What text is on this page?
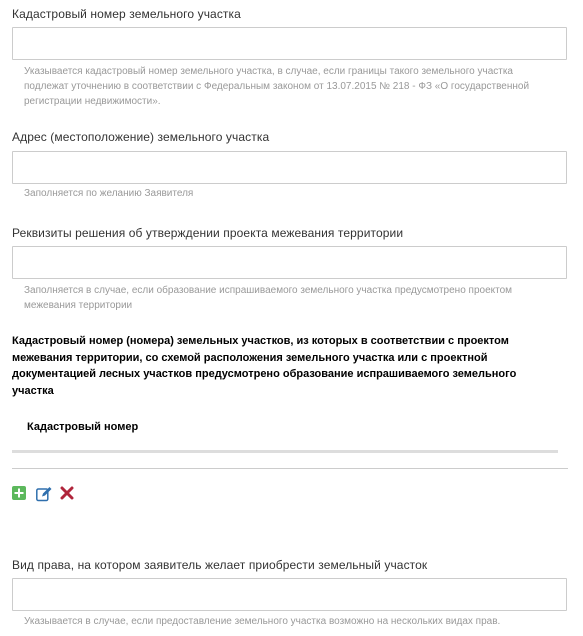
Кадастровый номер земельного участка
Указывается кадастровый номер земельного участка, в случае, если границы такого земельного участка подлежат уточнению в соответствии с Федеральным законом от 13.07.2015 № 218 - ФЗ «О государственной регистрации недвижимости».
Адрес (местоположение) земельного участка
Заполняется по желанию Заявителя
Реквизиты решения об утверждении проекта межевания территории
Заполняется в случае, если образование испрашиваемого земельного участка предусмотрено проектом межевания территории
Кадастровый номер (номера) земельных участков, из которых в соответствии с проектом межевания территории, со схемой расположения земельного участка или с проектной документацией лесных участков предусмотрено образование испрашиваемого земельного участка
Кадастровый номер
Вид права, на котором заявитель желает приобрести земельный участок
Указывается в случае, если предоставление земельного участка возможно на нескольких видах прав.
